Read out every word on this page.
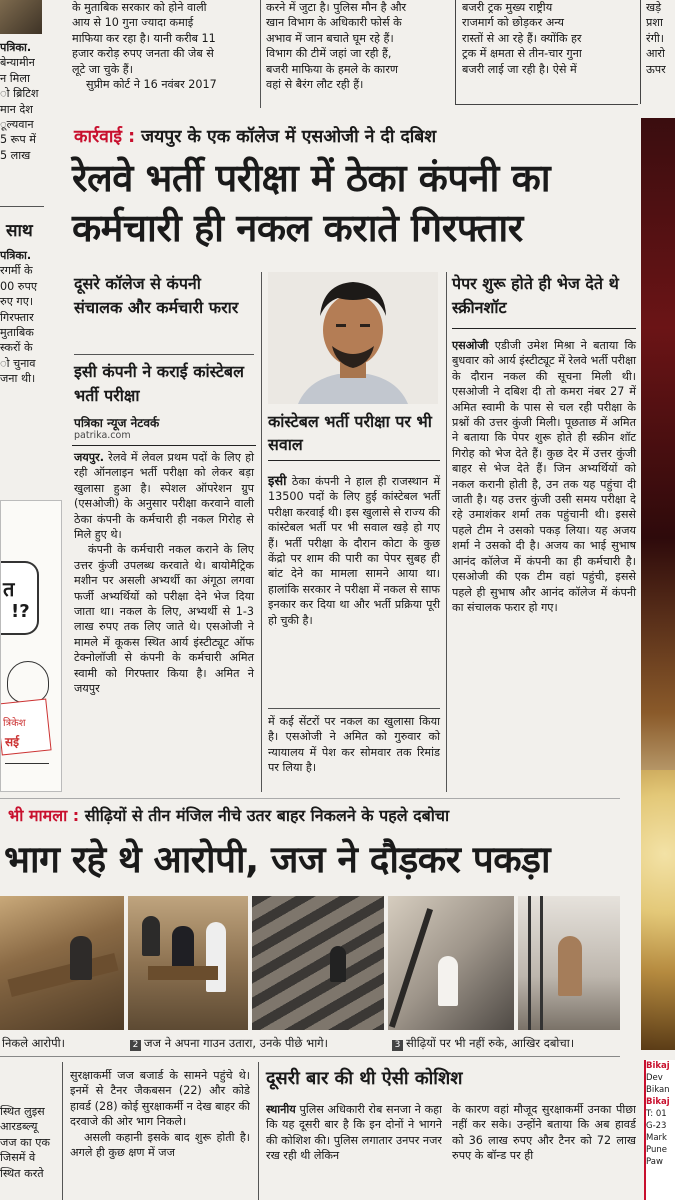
के मुताबिक सरकार को होने वाली
आय से 10 गुना ज्यादा कमाई
माफिया कर रहा है। यानी करीब 11
हजार करोड़ रुपए जनता की जेब से
लूटे जा चुके हैं।
सुप्रीम कोर्ट ने 16 नवंबर 2017
करने में जुटा है। पुलिस मौन है और
खान विभाग के अधिकारी फोर्स के
अभाव में जान बचाते घूम रहे हैं।
विभाग की टीमें जहां जा रही हैं,
बजरी माफिया के हमले के कारण
वहां से बैरंग लौट रही हैं।
बजरी ट्रक मुख्य राष्ट्रीय
राजमार्ग को छोड़कर अन्य
रास्तों से आ रहे हैं। क्योंकि हर
ट्रक में क्षमता से तीन-चार गुना
बजरी लाई जा रही है। ऐसे में
खड़े
प्रशा
रंगी।
आरो
ऊपर
पत्रिका.
बेन्यामीन
न मिला
ो ब्रिटिश
मान देश
ूल्यवान
5 रूप में
5 लाख
साथ
पत्रिका.
रगर्मी के
00 रुपए
रुए गए।
गिरफ्तार
मुताबिक
स्करों के
ो चुनाव
जना थी।
त
!?
त्रिकेश
सई
कार्रवाई : जयपुर के एक कॉलेज में एसओजी ने दी दबिश
रेलवे भर्ती परीक्षा में ठेका कंपनी का
कर्मचारी ही नकल कराते गिरफ्तार
दूसरे कॉलेज से कंपनी संचालक और कर्मचारी फरार
इसी कंपनी ने कराई कांस्टेबल भर्ती परीक्षा
पत्रिका न्यूज नेटवर्क
patrika.com

जयपुर. रेलवे में लेवल प्रथम पदों के लिए हो रही ऑनलाइन भर्ती परीक्षा को लेकर बड़ा खुलासा हुआ है। स्पेशल ऑपरेशन ग्रुप (एसओजी) के अनुसार परीक्षा करवाने वाली ठेका कंपनी के कर्मचारी ही नकल गिरोह से मिले हुए थे।

कंपनी के कर्मचारी नकल कराने के लिए उत्तर कुंजी उपलब्ध करवाते थे। बायोमैट्रिक मशीन पर असली अभ्यर्थी का अंगूठा लगवा फर्जी अभ्यर्थियों को परीक्षा देने भेज दिया जाता था। नकल के लिए, अभ्यर्थी से 1-3 लाख रुपए तक लिए जाते थे। एसओजी ने मामले में कूकस स्थित आर्य इंस्टीट्यूट ऑफ टेक्नोलॉजी से कंपनी के कर्मचारी अमित स्वामी को गिरफ्तार किया है। अमित ने जयपुर

कांस्टेबल भर्ती परीक्षा पर भी सवाल

इसी ठेका कंपनी ने हाल ही राजस्थान में 13500 पदों के लिए हुई कांस्टेबल भर्ती परीक्षा करवाई थी। इस खुलासे से राज्य की कांस्टेबल भर्ती पर भी सवाल खड़े हो गए हैं। भर्ती परीक्षा के दौरान कोटा के कुछ केंद्रो पर शाम की पारी का पेपर सुबह ही बांट देने का मामला सामने आया था। हालांकि सरकार ने परीक्षा में नकल से साफ इनकार कर दिया था और भर्ती प्रक्रिया पूरी हो चुकी है।

में कई सेंटरों पर नकल का खुलासा किया है। एसओजी ने अमित को गुरुवार को न्यायालय में पेश कर सोमवार तक रिमांड पर लिया है।

पेपर शुरू होते ही भेज देते थे स्क्रीनशॉट

एसओजी एडीजी उमेश मिश्रा ने बताया कि बुधवार को आर्य इंस्टीट्यूट में रेलवे भर्ती परीक्षा के दौरान नकल की सूचना मिली थी। एसओजी ने दबिश दी तो कमरा नंबर 27 में अमित स्वामी के पास से चल रही परीक्षा के प्रश्नों की उत्तर कुंजी मिली। पूछताछ में अमित ने बताया कि पेपर शुरू होते ही स्क्रीन शॉट गिरोह को भेज देते हैं। कुछ देर में उत्तर कुंजी बाहर से भेज देते हैं। जिन अभ्यर्थियों को नकल करानी होती है, उन तक यह पहुंचा दी जाती है। यह उत्तर कुंजी उसी समय परीक्षा दे रहे उमाशंकर शर्मा तक पहुंचानी थी। इससे पहले टीम ने उसको पकड़ लिया। यह अजय शर्मा ने उसको दी है। अजय का भाई सुभाष आनंद कॉलेज में कंपनी का ही कर्मचारी है। एसओजी की एक टीम वहां पहुंची, इससे पहले ही सुभाष और आनंद कॉलेज में कंपनी का संचालक फरार हो गए।

भी मामला : सीढ़ियों से तीन मंजिल नीचे उतर बाहर निकलने के पहले दबोचा
भाग रहे थे आरोपी, जज ने दौड़कर पकड़ा
निकले आरोपी।	2 जज ने अपना गाउन उतारा, उनके पीछे भागे।	3 सीढ़ियों पर भी नहीं रुके, आखिर दबोचा।
स्थित लुइस
आरडब्ल्यू
जज का एक
जिसमें वे
स्थित करते

सुरक्षाकर्मी जज बजार्ड के सामने पहुंचे थे। इनमें से टैनर जैकबसन (22) और कोडे हावर्ड (28) कोई सुरक्षाकर्मी न देख बाहर की दरवाजे की ओर भाग निकले।

असली कहानी इसके बाद शुरू होती है। अगले ही कुछ क्षण में जज

दूसरी बार की थी ऐसी कोशिश

स्थानीय पुलिस अधिकारी रोब सनजा ने कहा कि यह दूसरी बार है कि इन दोनों ने भागने की कोशिश की। पुलिस लगातार उनपर नजर रख रही थी लेकिन

के कारण वहां मौजूद सुरक्षाकर्मी उनका पीछा नहीं कर सके। उन्होंने बताया कि अब हावर्ड को 36 लाख रुपए और टैनर को 72 लाख रुपए के बॉन्ड पर ही

Bikaj
Dev
Bikan
Bikaj
T: 01
G-23
Mark
Pune
Paw
